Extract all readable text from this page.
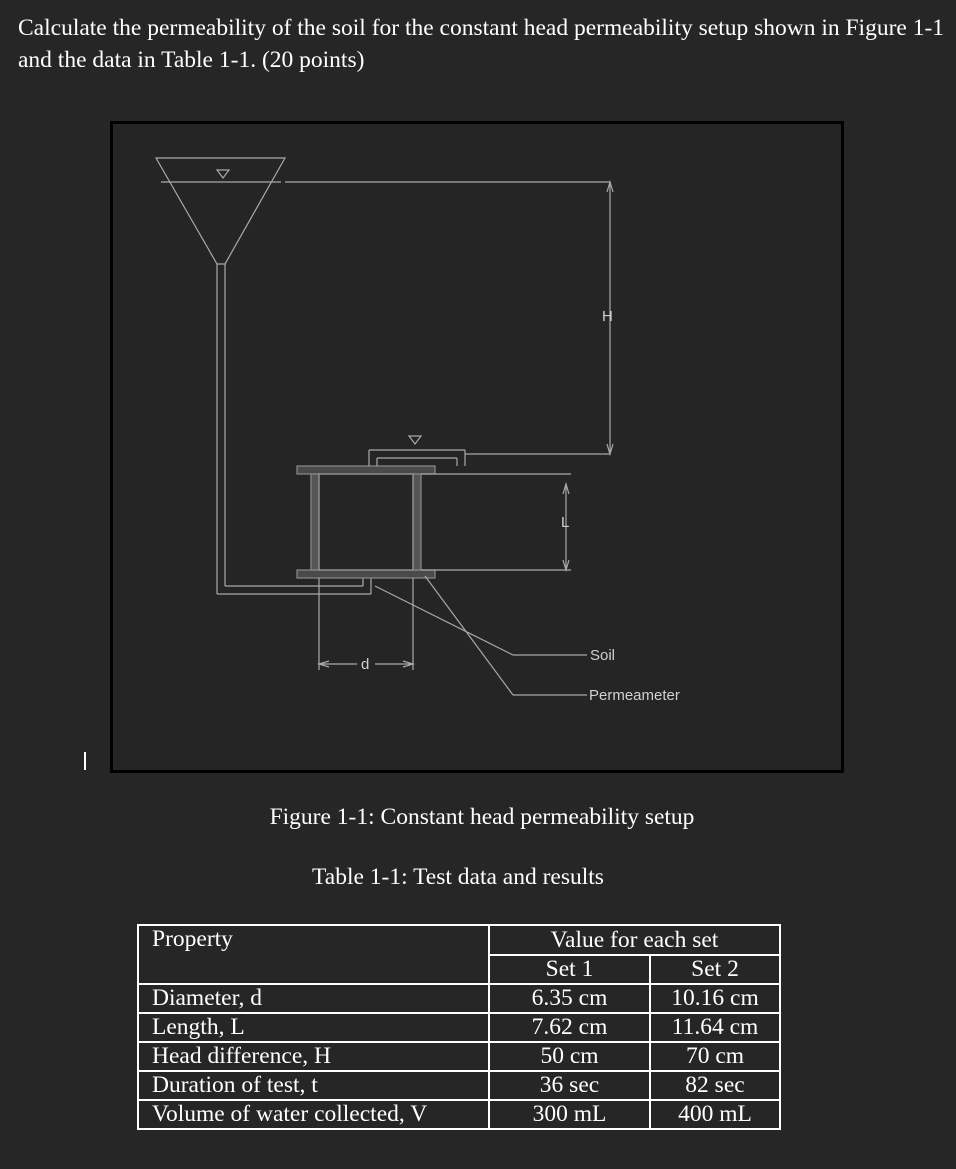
Calculate the permeability of the soil for the constant head permeability setup shown in Figure 1-1 and the data in Table 1-1. (20 points)

H
L
d
Soil
Permeameter

Figure 1-1: Constant head permeability setup

Table 1-1: Test data and results

Property	Value for each set	
	Set 1	Set 2
Diameter, d	6.35 cm	10.16 cm
Length, L	7.62 cm	11.64 cm
Head difference, H	50 cm	70 cm
Duration of test, t	36 sec	82 sec
Volume of water collected, V	300 mL	400 mL
